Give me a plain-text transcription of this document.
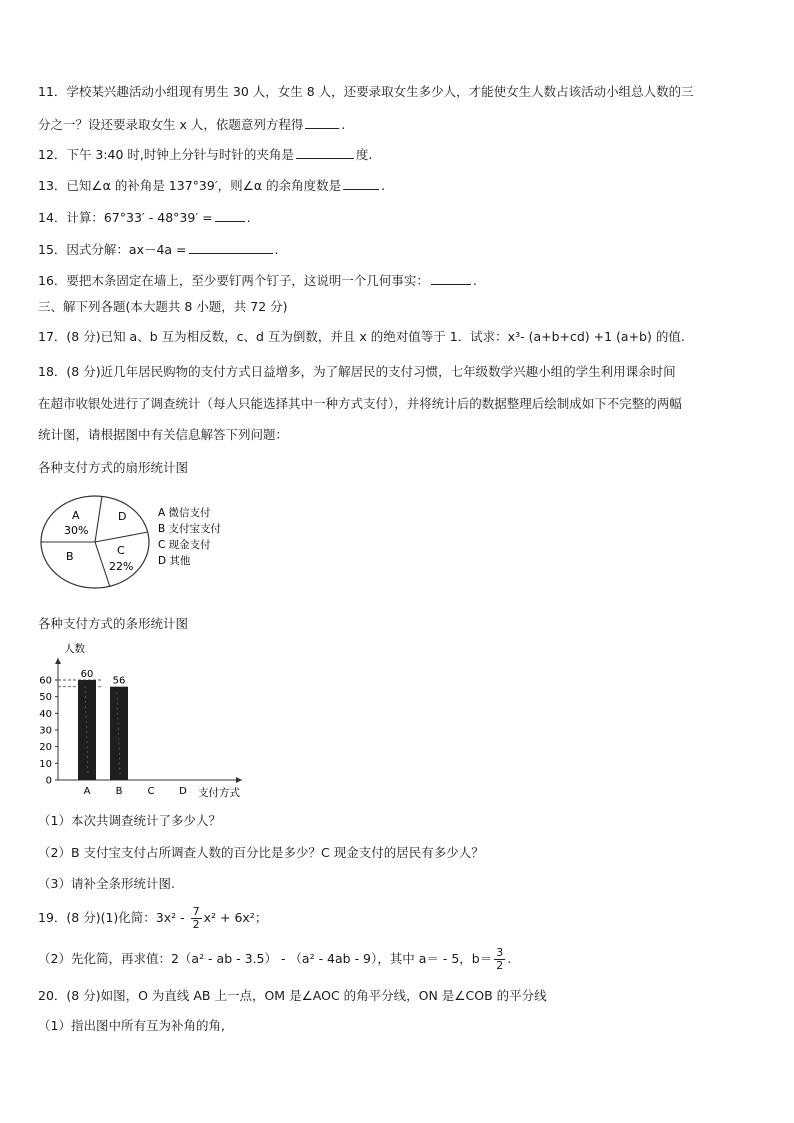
11．学校某兴趣活动小组现有男生 30 人，女生 8 人，还要录取女生多少人，才能使女生人数占该活动小组总人数的三
分之一？设还要录取女生 x 人，依题意列方程得	.
12．下午 3:40 时,时钟上分针与时针的夹角是	度.
13．已知∠α 的补角是 137°39′，则∠α 的余角度数是	.
14．计算：67°33′ - 48°39′ =	.
15．因式分解：ax－4a =	.
16．要把木条固定在墙上，至少要钉两个钉子，这说明一个几何事实：	.
三、解下列各题(本大题共 8 小题，共 72 分)
17．(8 分)已知 a、b 互为相反数，c、d 互为倒数，并且 x 的绝对值等于 1．试求：x³- (a+b+cd) +1 (a+b) 的值.
18．(8 分)近几年居民购物的支付方式日益增多，为了解居民的支付习惯，七年级数学兴趣小组的学生利用课余时间
在超市收银处进行了调查统计（每人只能选择其中一种方式支付），并将统计后的数据整理后绘制成如下不完整的两幅
统计图，请根据图中有关信息解答下列问题：
各种支付方式的扇形统计图
A
30%
D
B	C
22%
A 微信支付
B 支付宝支付
C 现金支付
D 其他
各种支付方式的条形统计图
0
10
20
30
40
50
60
60
56
A	B	C D
人数
支付方式
（1）本次共调查统计了多少人？
（2）B 支付宝支付占所调查人数的百分比是多少？C 现金支付的居民有多少人？
（3）请补全条形统计图.
19．(8 分)(1)化简：$3x^2 - \frac{7}{2} x^2 + 6x^2$；
（2）先化简，再求值：2（a² - ab - 3.5） - （a² - 4ab - 9），其中 a＝ - 5，$b= \frac{3}{2}$ .
20．(8 分)如图，O 为直线 AB 上一点，OM 是∠AOC 的角平分线，ON 是∠COB 的平分线
（1）指出图中所有互为补角的角,
